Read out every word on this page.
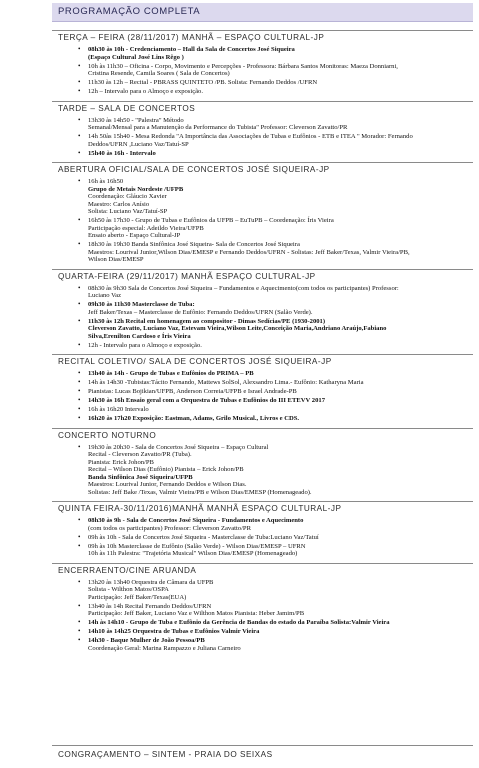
PROGRAMAÇÃO COMPLETA
TERÇA – FEIRA (28/11/2017) MANHÃ – ESPAÇO CULTURAL-JP
• 08h30 às 10h - Credenciamento – Hall da Sala de Concertos José Siqueira
(Espaço Cultural José Lins Rêgo )
• 10h às 11h30 – Oficina - Corpo, Movimento e Percepções - Professora: Bárbara Santos Monitoras: Maeza Donniarni,
Cristina Resende, Camila Soares ( Sala de Concertos)
• 11h30 às 12h – Recital - PBRASS QUINTETO /PB. Solista: Fernando Deddos /UFRN
• 12h – Intervalo para o Almoço e exposição.
TARDE – SALA DE CONCERTOS
• 13h30 às 14h50 - "Palestra" Método
Semanal/Mensal para a Manutenção da Performance do Tubista" Professor: Cleverson Zavatto/PR
• 14h 50às 15h40 - Mesa Redonda "A Importância das Associações de Tubas e Eufônios - ETB e ITEA " Morador: Fernando
Deddos/UFRN ,Luciano Vaz/Tatuí-SP
• 15h40 às 16h - Intervalo
ABERTURA OFICIAL/SALA DE CONCERTOS JOSÉ SIQUEIRA-JP
• 16h às 16h50
Grupo de Metais Nordeste /UFPB
Coordenação: Gláucio Xavier
Maestro: Carlos Anísio
Solista: Luciano Vaz/Tatuí-SP
• 16h50 às 17h30 - Grupo de Tubas e Eufônios da UFPB – EuTuPB – Coordenação: Íris Vieira
Participação especial: Adeildo Vieira/UFPB
Ensaio aberto - Espaço Cultural-JP
• 18h30 às 19h30 Banda Sinfônica José Siqueira- Sala de Concertos José Siqueira
Maestros: Lourival Junior,Wilson Dias/EMESP e Fernando Deddos/UFRN - Solistas: Jeff Baker/Texas, Valmir Vieira/PB,
Wilson Dias/EMESP
QUARTA-FEIRA (29/11/2017) MANHÃ ESPAÇO CULTURAL-JP
• 08h30 às 9h30 Sala de Concertos José Siqueira – Fundamentos e Aquecimento(com todos os participantes) Professor:
Luciano Vaz
• 09h30 às 11h30 Masterclasse de Tuba:
Jeff Baker/Texas – Masterclasse de Eufônio: Fernando Deddos/UFRN (Salão Verde).
• 11h30 às 12h Recital em homenagem ao compositor - Dimas Sedícias/PE (1930-2001)
Cleverson Zavatto, Luciano Vaz, Estevam Vieira,Wilson Leite,Conceição Maria,Andriano Araújo,Fabiano
Silva,Erenilton Cardoso e Íris Vieira
• 12h - Intervalo para o Almoço e exposição.
RECITAL COLETIVO/ SALA DE CONCERTOS JOSÉ SIQUEIRA-JP
• 13h40 às 14h - Grupo de Tubas e Eufônios do PRIMA – PB
• 14h às 14h30 -Tubistas:Tácito Fernando, Mattews SolSol, Alexsandro Lima.- Eufônio: Katharyna Maria
• Pianistas: Lucas Bojikian/UFPB, Anderson Correia/UFPB e Israel Andrade-PB
• 14h30 às 16h Ensaio geral com a Orquestra de Tubas e Eufônios do III ETEVV 2017
• 16h às 16h20 Intervalo
• 16h20 às 17h20 Exposição: Eastman, Adams, Grilo Musical., Livros e CDS.
CONCERTO NOTURNO
• 19h30 às 20h30 - Sala de Concertos José Siqueira – Espaço Cultural
Recital - Cleverson Zavatto/PR (Tuba).
Pianista: Erick Johon/PB
Recital – Wilson Dias (Eufônio) Pianista – Erick Johon/PB
Banda Sinfônica José Siqueira/UFPB
Maestros: Lourival Junior, Fernando Deddos e Wilson Dias.
Solistas: Jeff Bake /Texas, Valmir Vieira/PB e Wilson Dias/EMESP (Homenageado).
QUINTA FEIRA-30/11/2016)MANHÃ MANHÃ ESPAÇO CULTURAL-JP
• 08h30 às 9h - Sala de Concertos José Siqueira - Fundamentos e Aquecimento
(com todos os participantes) Professor: Cleverson Zavatto/PR
• 09h às 10h - Sala de Concertos José Siqueira - Masterclasse de Tuba:Luciano Vaz/Tatuí
• 09h às 10h Masterclasse de Eufônio (Salão Verde) - Wilson Dias/EMESP – UFRN
10h às 11h Palestra: "Trajetória Musical" Wilson Dias/EMESP (Homenageado)
ENCERRAENTO/CINE ARUANDA
• 13h20 às 13h40 Orquestra de Câmara da UFPB
Solista - Wilthon Matos/OSPA
Participação: Jeff Baker/Texas(EUA)
• 13h40 às 14h Recital Fernando Deddos/UFRN
Participação: Jeff Baker, Luciano Vaz e Wilthon Matos Pianista: Heber Jamim/PB
• 14h às 14h10 - Grupo de Tuba e Eufônio da Gerência de Bandas do estado da Paraíba Solista:Valmir Vieira
• 14h10 às 14h25 Orquestra de Tubas e Eufônios Valmir Vieira
• 14h30 - Baque Mulher de João Pessoa/PB
Coordenação Geral: Marina Rampazzo e Juliana Carneiro
CONGRAÇAMENTO – SINTEM - PRAIA DO SEIXAS
